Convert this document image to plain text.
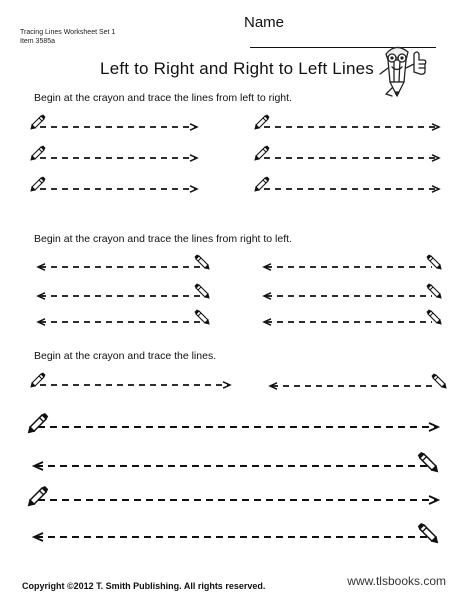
Tracing Lines Worksheet Set 1
Item 3585a
Name
Left to Right and Right to Left Lines
Begin at the crayon and trace the lines from left to right.
Begin at the crayon and trace the lines from right to left.
Begin at the crayon and trace the lines.
Copyright ©2012 T. Smith Publishing. All rights reserved.	www.tlsbooks.com
